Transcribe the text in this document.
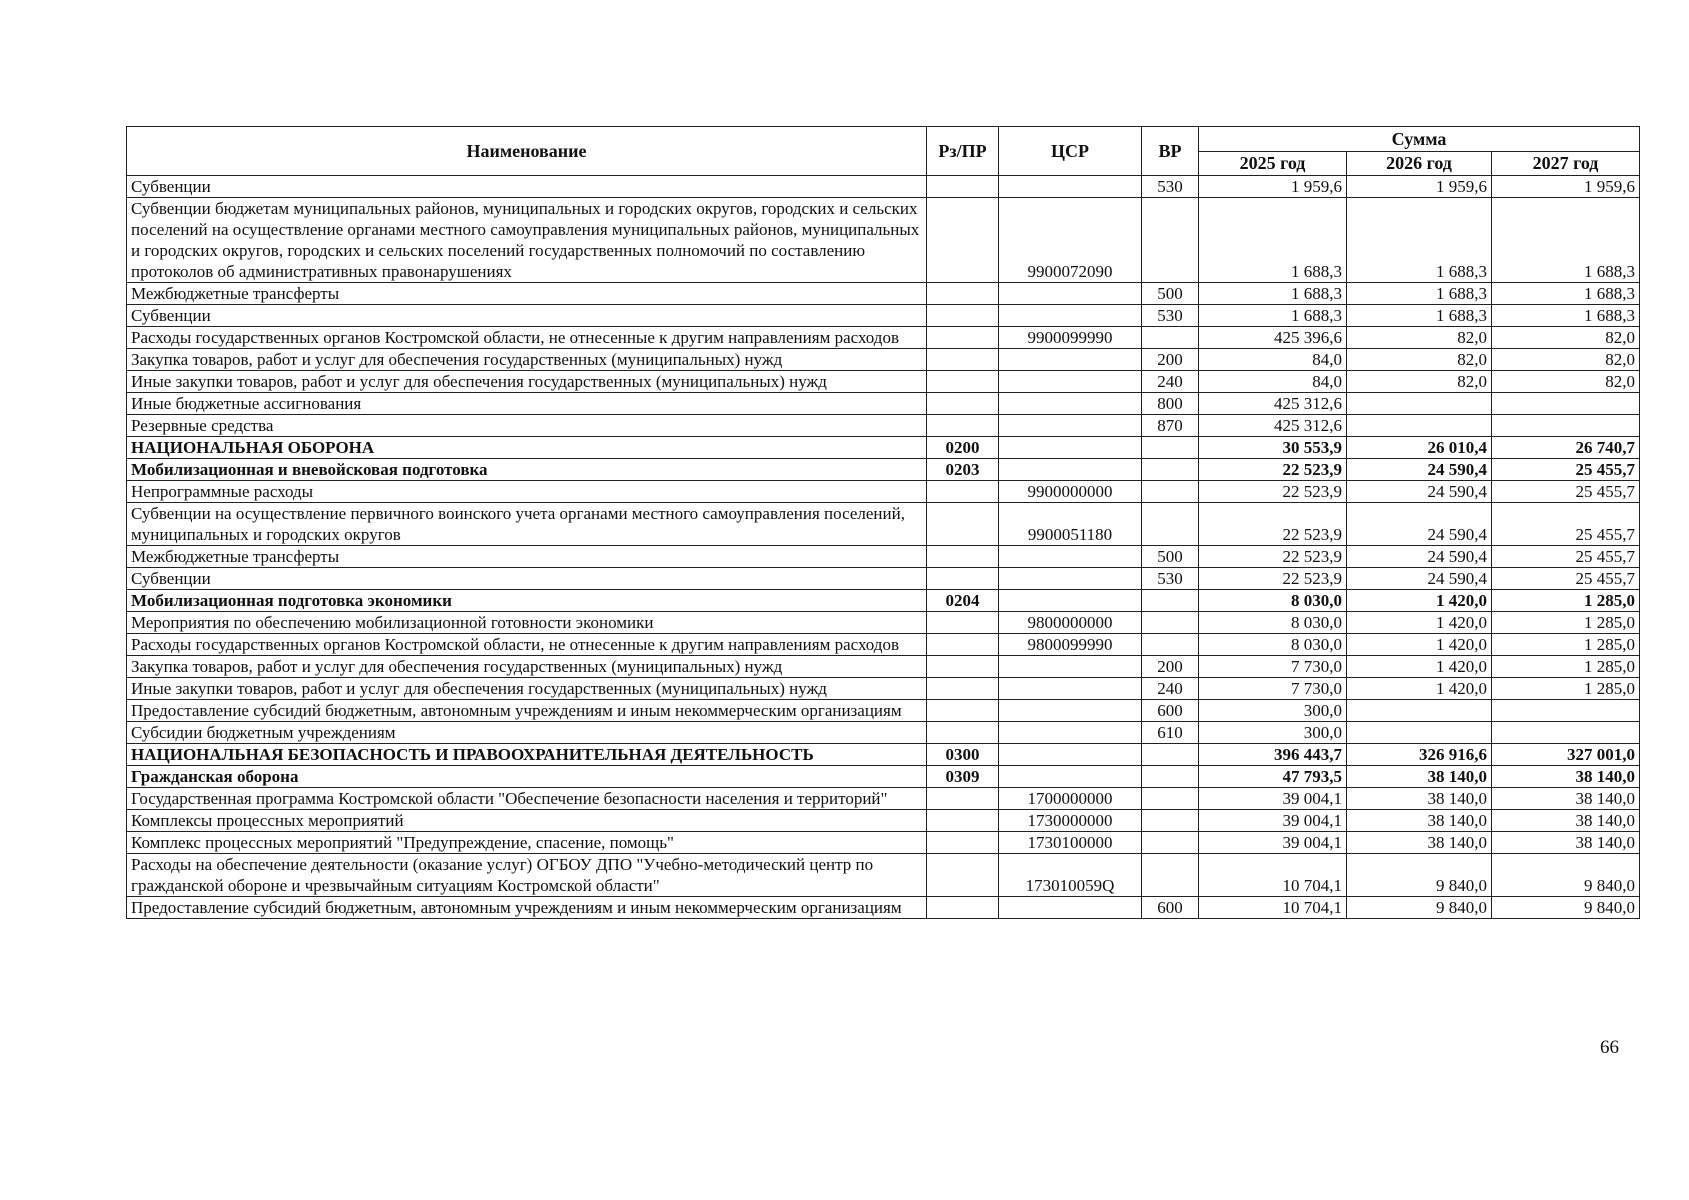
Наименование	Рз/ПР	ЦСР	ВР	Сумма		
				2025 год	2026 год	2027 год
Субвенции			530	1 959,6	1 959,6	1 959,6
Субвенции бюджетам муниципальных районов, муниципальных и городских округов, городских и сельских поселений на осуществление органами местного самоуправления муниципальных районов, муниципальных и городских округов, городских и сельских поселений государственных полномочий по составлению протоколов об административных правонарушениях		9900072090		1 688,3	1 688,3	1 688,3
Межбюджетные трансферты			500	1 688,3	1 688,3	1 688,3
Субвенции			530	1 688,3	1 688,3	1 688,3
Расходы государственных органов Костромской области, не отнесенные к другим направлениям расходов		9900099990		425 396,6	82,0	82,0
Закупка товаров, работ и услуг для обеспечения государственных (муниципальных) нужд			200	84,0	82,0	82,0
Иные закупки товаров, работ и услуг для обеспечения государственных (муниципальных) нужд			240	84,0	82,0	82,0
Иные бюджетные ассигнования			800	425 312,6		
Резервные средства			870	425 312,6		
НАЦИОНАЛЬНАЯ ОБОРОНА	0200			30 553,9	26 010,4	26 740,7
Мобилизационная и вневойсковая подготовка	0203			22 523,9	24 590,4	25 455,7
Непрограммные расходы		9900000000		22 523,9	24 590,4	25 455,7
Субвенции на осуществление первичного воинского учета органами местного самоуправления поселений, муниципальных и городских округов		9900051180		22 523,9	24 590,4	25 455,7
Межбюджетные трансферты			500	22 523,9	24 590,4	25 455,7
Субвенции			530	22 523,9	24 590,4	25 455,7
Мобилизационная подготовка экономики	0204			8 030,0	1 420,0	1 285,0
Мероприятия по обеспечению мобилизационной готовности экономики		9800000000		8 030,0	1 420,0	1 285,0
Расходы государственных органов Костромской области, не отнесенные к другим направлениям расходов		9800099990		8 030,0	1 420,0	1 285,0
Закупка товаров, работ и услуг для обеспечения государственных (муниципальных) нужд			200	7 730,0	1 420,0	1 285,0
Иные закупки товаров, работ и услуг для обеспечения государственных (муниципальных) нужд			240	7 730,0	1 420,0	1 285,0
Предоставление субсидий бюджетным, автономным учреждениям и иным некоммерческим организациям			600	300,0		
Субсидии бюджетным учреждениям			610	300,0		
НАЦИОНАЛЬНАЯ БЕЗОПАСНОСТЬ И ПРАВООХРАНИТЕЛЬНАЯ ДЕЯТЕЛЬНОСТЬ	0300			396 443,7	326 916,6	327 001,0
Гражданская оборона	0309			47 793,5	38 140,0	38 140,0
Государственная программа Костромской области "Обеспечение безопасности населения и территорий"		1700000000		39 004,1	38 140,0	38 140,0
Комплексы процессных мероприятий		1730000000		39 004,1	38 140,0	38 140,0
Комплекс процессных мероприятий "Предупреждение, спасение, помощь"		1730100000		39 004,1	38 140,0	38 140,0
Расходы на обеспечение деятельности (оказание услуг) ОГБОУ ДПО "Учебно-методический центр по гражданской обороне и чрезвычайным ситуациям Костромской области"		173010059Q		10 704,1	9 840,0	9 840,0
Предоставление субсидий бюджетным, автономным учреждениям и иным некоммерческим организациям			600	10 704,1	9 840,0	9 840,0
66
